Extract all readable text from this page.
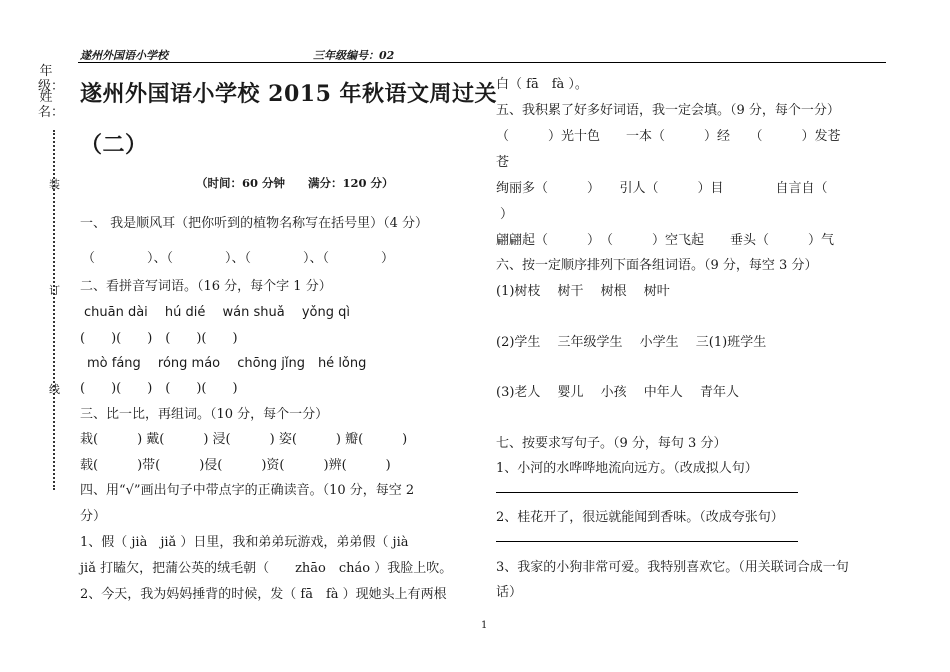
遂州外国语小学校	三年级编号：02
年级：
姓名：
装
订
线
遂州外国语小学校 2015 年秋语文周过关
（二）
（时间：60 分钟　　满分：120 分）
一、 我是顺风耳（把你听到的植物名称写在括号里）（4 分）
（　　　　）、（　　　　）、（　　　　）、（　　　　）
二、看拼音写词语。（16 分，每个字 1 分）
chuān dài　 hú dié　 wán shuǎ　 yǒng qì
(　　)(　　)　(　　)(　　)
mò fáng　 róng máo　 chōng jǐng　hé lǒng
(　　)(　　)　(　　)(　　)
三、比一比，再组词。（10 分，每个一分）
栽(　　　) 戴(　　　) 浸(　　　) 姿(　　　) 瓣(　　　)
载(　　　)带(　　　)侵(　　　)资(　　　)辨(　　　)
四、用“√”画出句子中带点字的正确读音。（10 分，每空 2
分）
1、假（ jià　jiǎ ）日里，我和弟弟玩游戏，弟弟假（ jià
jiǎ 打瞌欠，把蒲公英的绒毛朝（　　zhāo　cháo ）我脸上吹。
2、今天，我为妈妈捶背的时候，发（ fā　fà ）现她头上有两根
白（ fā　fà ）。
五、我积累了好多好词语，我一定会填。（9 分，每个一分）
（　　　）光十色　　一本（　　　）经　　（　　　）发苍
苍
绚丽多（　　　）　　引人（　　　）目　　　　自言自（
）
翩翩起（　　　）　（　　　）空飞起　　垂头（　　　）气
六、按一定顺序排列下面各组词语。（9 分，每空 3 分）
(1)树枝　 树干　 树根　 树叶
(2)学生　 三年级学生　 小学生　 三(1)班学生
(3)老人　 婴儿　 小孩　 中年人　 青年人
七、按要求写句子。（9 分，每句 3 分）
1、小河的水哗哗地流向远方。（改成拟人句）
2、桂花开了，很远就能闻到香味。（改成夸张句）
3、我家的小狗非常可爱。我特别喜欢它。（用关联词合成一句
话）
1
